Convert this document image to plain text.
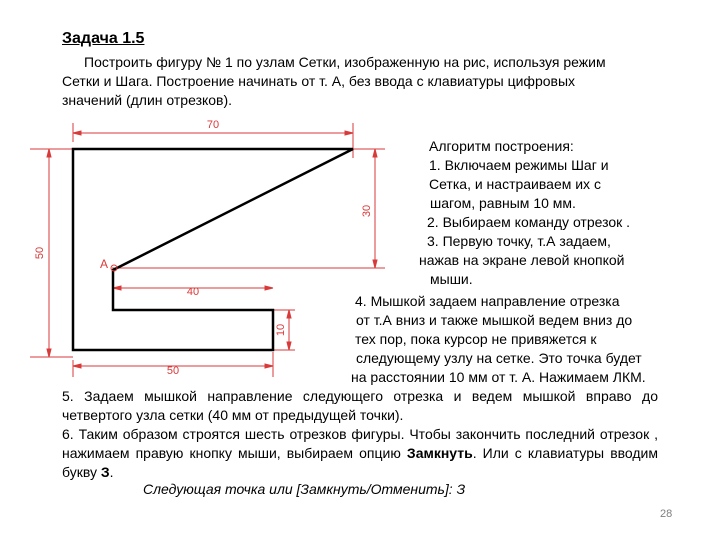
Задача 1.5

Построить фигуру № 1 по узлам Сетки, изображенную на рис, используя режим

Сетки и Шага. Построение начинать от т. А, без ввода с клавиатуры цифровых

значений (длин отрезков).

70
30
50
40
10
50
A
Алгоритм построения:
1. Включаем режимы Шаг и
Сетка, и настраиваем их с
шагом, равным 10 мм.
2. Выбираем команду отрезок .
3. Первую точку, т.А задаем,
нажав на экране левой кнопкой
мыши.
4. Мышкой задаем направление отрезка
от т.А вниз и также мышкой ведем вниз до
тех пор, пока курсор не привяжется к
следующему узлу на сетке. Это точка будет
на расстоянии 10 мм от т. А. Нажимаем ЛКМ.

5. Задаем мышкой направление следующего отрезка и ведем мышкой вправо до четвертого узла сетки (40 мм от предыдущей точки).

6. Таким образом строятся шесть отрезков фигуры. Чтобы закончить последний отрезок , нажимаем правую кнопку мыши, выбираем опцию Замкнуть. Или с клавиатуры вводим букву З.

Следующая точка или [Замкнуть/Отменить]: З
28
